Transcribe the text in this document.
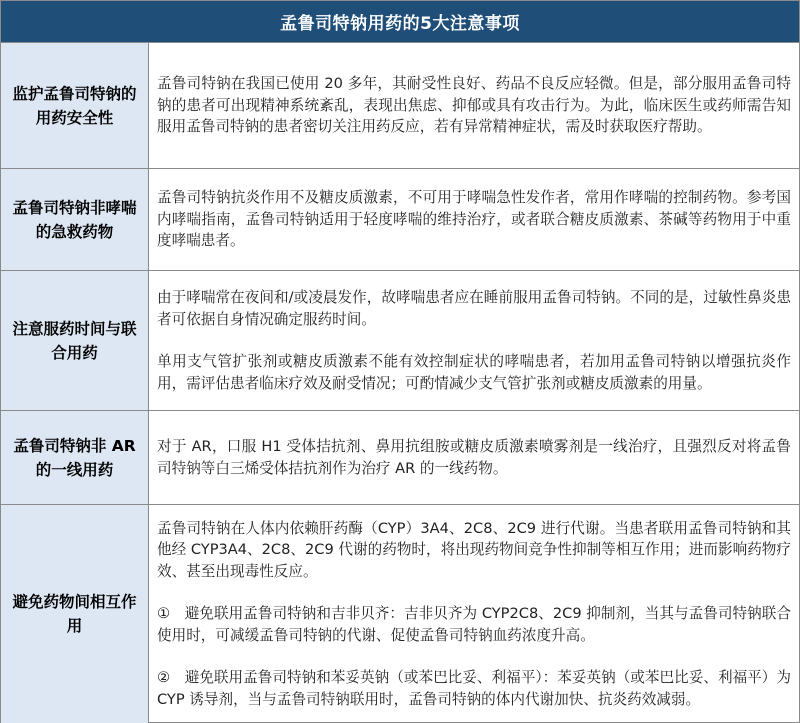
孟鲁司特钠用药的5大注意事项
监护孟鲁司特钠的用药安全性

孟鲁司特钠在我国已使用 20 多年，其耐受性良好、药品不良反应轻微。但是，部分服用孟鲁司特钠的患者可出现精神系统紊乱，表现出焦虑、抑郁或具有攻击行为。为此，临床医生或药师需告知服用孟鲁司特钠的患者密切关注用药反应，若有异常精神症状，需及时获取医疗帮助。

孟鲁司特钠非哮喘的急救药物

孟鲁司特钠抗炎作用不及糖皮质激素，不可用于哮喘急性发作者，常用作哮喘的控制药物。参考国内哮喘指南，孟鲁司特钠适用于轻度哮喘的维持治疗，或者联合糖皮质激素、茶碱等药物用于中重度哮喘患者。

注意服药时间与联合用药

由于哮喘常在夜间和/或凌晨发作，故哮喘患者应在睡前服用孟鲁司特钠。不同的是，过敏性鼻炎患者可依据自身情况确定服药时间。

单用支气管扩张剂或糖皮质激素不能有效控制症状的哮喘患者，若加用孟鲁司特钠以增强抗炎作用，需评估患者临床疗效及耐受情况；可酌情减少支气管扩张剂或糖皮质激素的用量。

孟鲁司特钠非 AR 的一线用药

对于 AR，口服 H1 受体拮抗剂、鼻用抗组胺或糖皮质激素喷雾剂是一线治疗，且强烈反对将孟鲁司特钠等白三烯受体拮抗剂作为治疗 AR 的一线药物。

避免药物间相互作用

孟鲁司特钠在人体内依赖肝药酶（CYP）3A4、2C8、2C9 进行代谢。当患者联用孟鲁司特钠和其他经 CYP3A4、2C8、2C9 代谢的药物时，将出现药物间竞争性抑制等相互作用；进而影响药物疗效、甚至出现毒性反应。

①　避免联用孟鲁司特钠和吉非贝齐：吉非贝齐为 CYP2C8、2C9 抑制剂，当其与孟鲁司特钠联合使用时，可减缓孟鲁司特钠的代谢、促使孟鲁司特钠血药浓度升高。

②　避免联用孟鲁司特钠和苯妥英钠（或苯巴比妥、利福平）：苯妥英钠（或苯巴比妥、利福平）为 CYP 诱导剂，当与孟鲁司特钠联用时，孟鲁司特钠的体内代谢加快、抗炎药效减弱。
